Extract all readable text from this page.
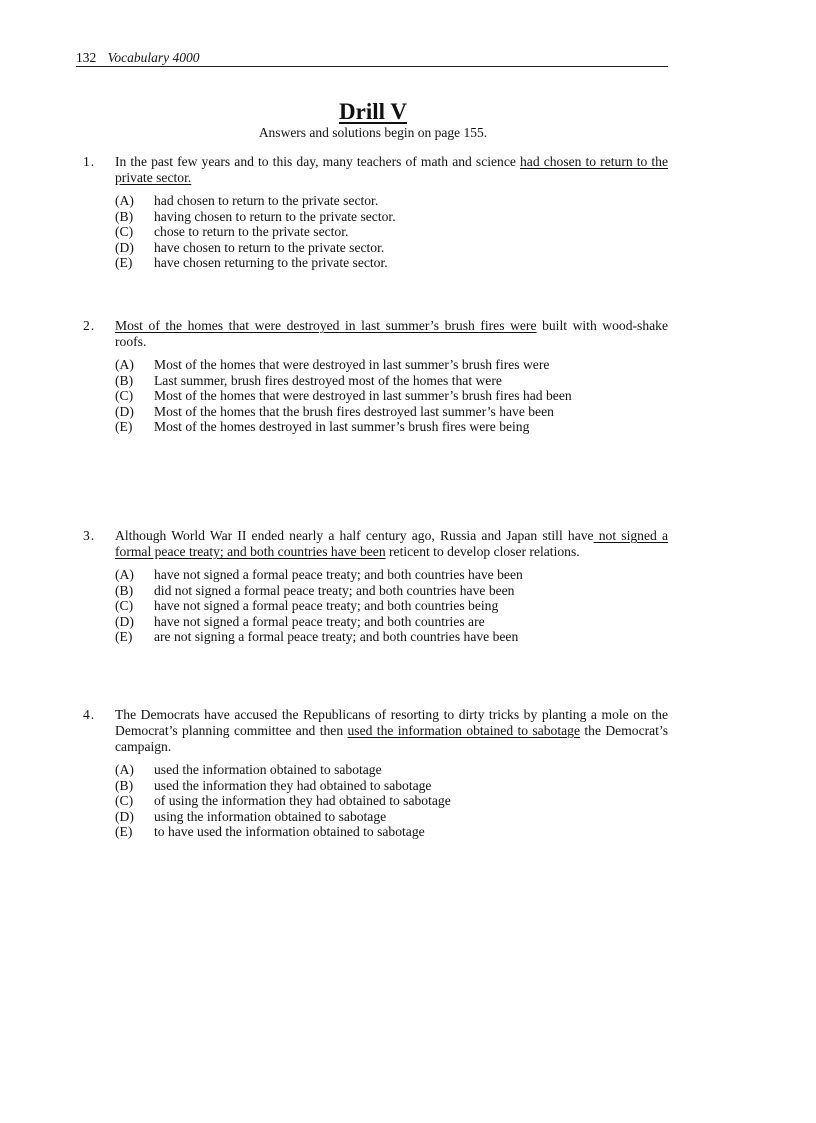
132 Vocabulary 4000
Drill V
Answers and solutions begin on page 155.
1.	In the past few years and to this day, many teachers of math and science had chosen to return to the private sector.
(A) had chosen to return to the private sector.
(B) having chosen to return to the private sector.
(C) chose to return to the private sector.
(D) have chosen to return to the private sector.
(E) have chosen returning to the private sector.
2.	Most of the homes that were destroyed in last summer’s brush fires were built with wood-shake roofs.
(A) Most of the homes that were destroyed in last summer’s brush fires were
(B) Last summer, brush fires destroyed most of the homes that were
(C) Most of the homes that were destroyed in last summer’s brush fires had been
(D) Most of the homes that the brush fires destroyed last summer’s have been
(E) Most of the homes destroyed in last summer’s brush fires were being
3.	Although World War II ended nearly a half century ago, Russia and Japan still have not signed a formal peace treaty; and both countries have been reticent to develop closer relations.
(A) have not signed a formal peace treaty; and both countries have been
(B) did not signed a formal peace treaty; and both countries have been
(C) have not signed a formal peace treaty; and both countries being
(D) have not signed a formal peace treaty; and both countries are
(E) are not signing a formal peace treaty; and both countries have been
4.	The Democrats have accused the Republicans of resorting to dirty tricks by planting a mole on the Democrat’s planning committee and then used the information obtained to sabotage the Democrat’s campaign.
(A) used the information obtained to sabotage
(B) used the information they had obtained to sabotage
(C) of using the information they had obtained to sabotage
(D) using the information obtained to sabotage
(E) to have used the information obtained to sabotage
